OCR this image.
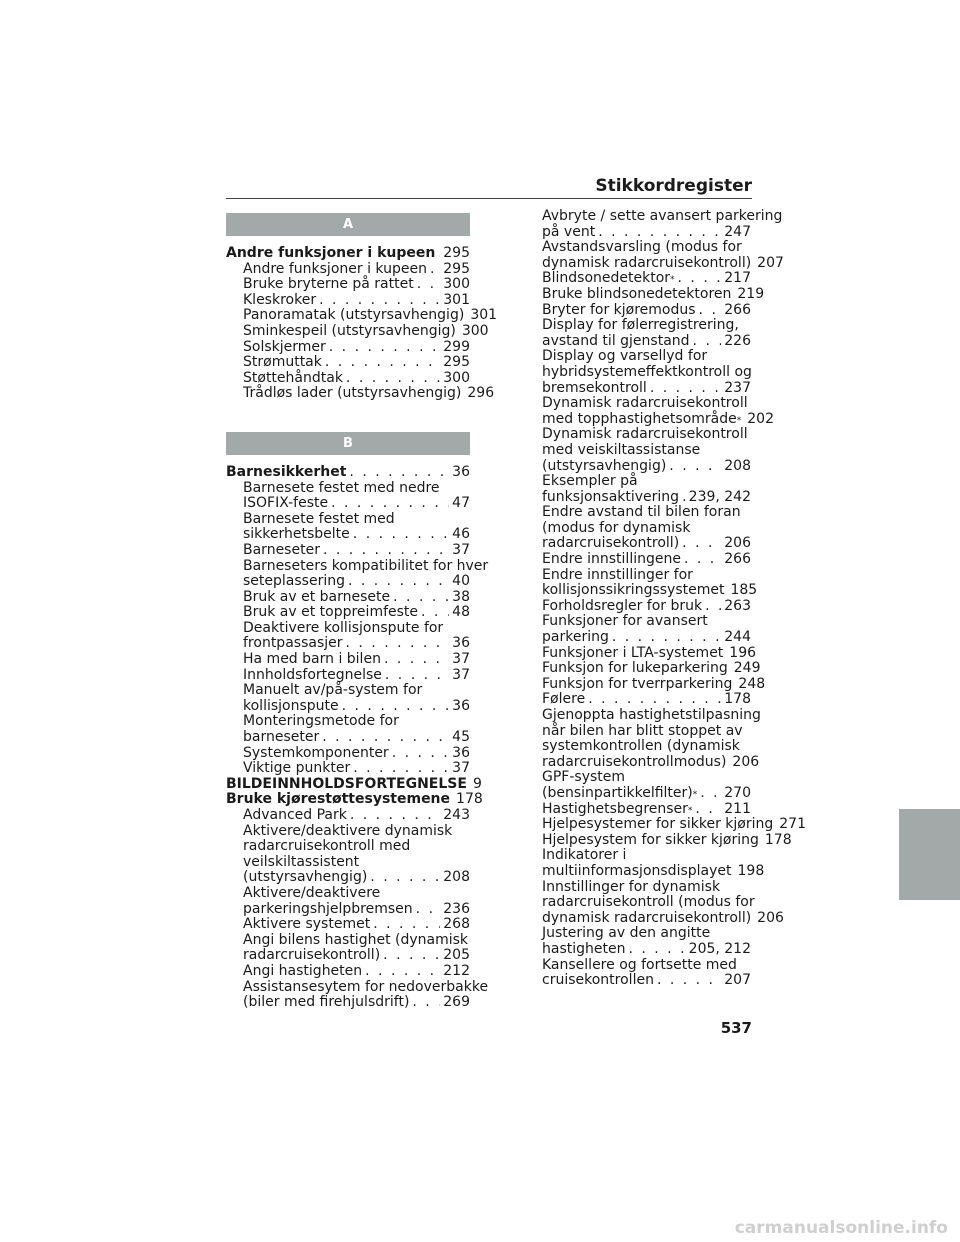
Stikkordregister
A
Andre funksjoner i kupeen . . . 295
Andre funksjoner i kupeen . . . 295
Bruke bryterne på rattet . . . 300
Kleskroker . . .	301
Panoramatak (utstyrsavhengig) 301
Sminkespeil (utstyrsavhengig) 300
Solskjermer . . .	299
Strømuttak . . .	295
Støttehåndtak . . .	300
Trådløs lader (utstyrsavhengig) 296
B
Barnesikkerhet . . .	36
Barnesete festet med nedre
ISOFIX-feste . . .	47
Barnesete festet med
sikkerhetsbelte . . .	46
Barneseter . . .	37
Barneseters kompatibilitet for hver
seteplassering . . .	40
Bruk av et barnesete . . .	38
Bruk av et toppreimfeste . . . 48
Deaktivere kollisjonspute for
frontpassasjer . . .	36
Ha med barn i bilen . . .	37
Innholdsfortegnelse . . .	37
Manuelt av/på-system for
kollisjonspute . . .	36
Monteringsmetode for
barneseter . . .	45
Systemkomponenter . . .	36
Viktige punkter . . .	37
BILDEINNHOLDSFORTEGNELSE 9
Bruke kjørestøttesystemene 178
Advanced Park . . .	243
Aktivere/deaktivere dynamisk
radarcruisekontroll med
veilskiltassistent
(utstyrsavhengig) . . .	208
Aktivere/deaktivere
parkeringshjelpbremsen . . . 236
Aktivere systemet . . .	268
Angi bilens hastighet (dynamisk
radarcruisekontroll) . . .	205
Angi hastigheten . . .	212
Assistansesytem for nedoverbakke
(biler med firehjulsdrift) . . . 269
Avbryte / sette avansert parkering
på vent . . .	247
Avstandsvarsling (modus for
dynamisk radarcruisekontroll) 207
Blindsonedetektor * . . .	217
Bruke blindsonedetektoren 219
Bryter for kjøremodus . . . 266
Display for følerregistrering,
avstand til gjenstand . . . 226
Display og varsellyd for
hybridsystemeffektkontroll og
bremsekontroll . . .	237
Dynamisk radarcruisekontroll
med topphastighetsområde * 202
Dynamisk radarcruisekontroll
med veiskiltassistanse
(utstyrsavhengig) . . .	208
Eksempler på
funksjonsaktivering . . . 239, 242
Endre avstand til bilen foran
(modus for dynamisk
radarcruisekontroll) . . .	206
Endre innstillingene . . .	266
Endre innstillinger for
kollisjonssikringssystemet 185
Forholdsregler for bruk . . . 263
Funksjoner for avansert
parkering . . .	244
Funksjoner i LTA-systemet 196
Funksjon for lukeparkering 249
Funksjon for tverrparkering 248
Følere . . .	178
Gjenoppta hastighetstilpasning
når bilen har blitt stoppet av
systemkontrollen (dynamisk
radarcruisekontrollmodus) 206
GPF-system
(bensinpartikkelfilter) * . . . 270
Hastighetsbegrenser * . . . 211
Hjelpesystemer for sikker kjøring 271
Hjelpesystem for sikker kjøring 178
Indikatorer i
multiinformasjonsdisplayet 198
Innstillinger for dynamisk
radarcruisekontroll (modus for
dynamisk radarcruisekontroll) 206
Justering av den angitte
hastigheten . . .	205, 212
Kansellere og fortsette med
cruisekontrollen . . .	207
537
carmanualsonline.info
